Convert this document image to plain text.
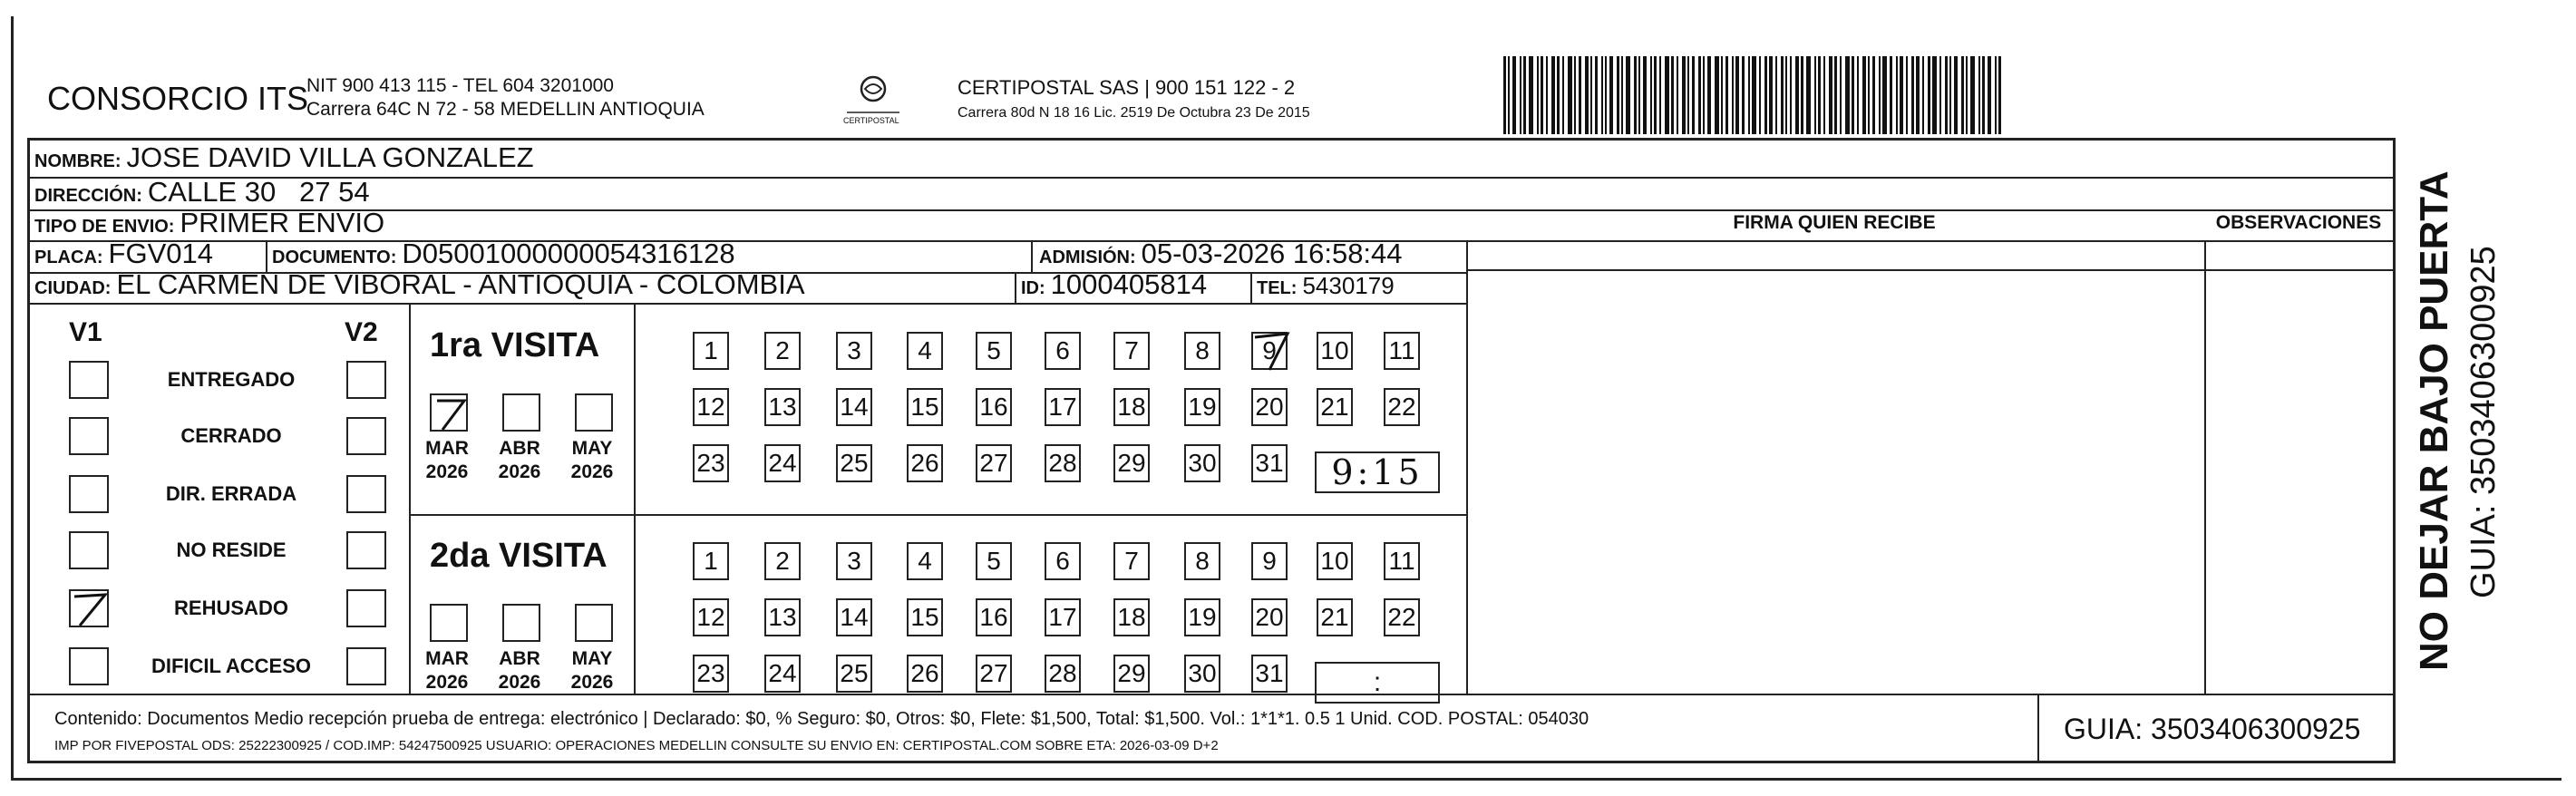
CONSORCIO ITS
NIT 900 413 115 - TEL 604 3201000
Carrera 64C N 72 - 58 MEDELLIN ANTIOQUIA
CERTIPOSTAL
CERTIPOSTAL SAS | 900 151 122 - 2
Carrera 80d N 18 16 Lic. 2519 De Octubra 23 De 2015
NOMBRE: JOSE DAVID VILLA GONZALEZ
DIRECCIÓN: CALLE 30   27 54
TIPO DE ENVIO: PRIMER ENVIO
PLACA: FGV014	DOCUMENTO: D05001000000054316128	ADMISIÓN: 05-03-2026 16:58:44
CIUDAD: EL CARMEN DE VIBORAL - ANTIOQUIA - COLOMBIA	ID: 1000405814	TEL: 5430179
FIRMA QUIEN RECIBE	OBSERVACIONES
V1	V2
ENTREGADO
CERRADO
DIR. ERRADA
NO RESIDE
REHUSADO
DIFICIL ACCESO
1ra VISITA
MAR
2026
ABR
2026
MAY
2026
1	2	3	4	5	6	7	8	9 10 11
12 13 14 15 16 17 18 19 20 21 22
23 24 25 26 27 28 29 30 31	9:15
2da VISITA
MAR
2026
ABR
2026
MAY
2026
1	2	3	4	5	6	7	8	9	10 11
12 13 14 15 16 17 18 19 20 21 22
23 24 25 26 27 28 29 30 31	:
Contenido: Documentos Medio recepción prueba de entrega: electrónico | Declarado: $0, % Seguro: $0, Otros: $0, Flete: $1,500, Total: $1,500. Vol.: 1*1*1. 0.5 1 Unid. COD. POSTAL: 054030
IMP POR FIVEPOSTAL ODS: 25222300925 / COD.IMP: 54247500925 USUARIO: OPERACIONES MEDELLIN CONSULTE SU ENVIO EN: CERTIPOSTAL.COM SOBRE ETA: 2026-03-09 D+2
GUIA: 3503406300925
NO DEJAR BAJO PUERTA GUIA: 3503406300925
